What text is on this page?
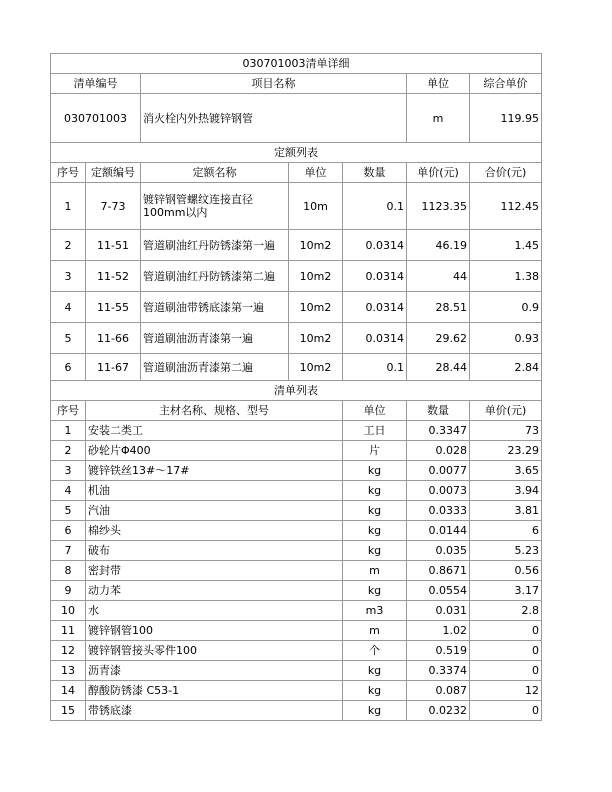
030701003清单详细							
清单编号		项目名称			单位	综合单价	
030701003		消火栓内外热镀锌钢管			m	119.95	
定额列表							
序号	定额编号	定额名称	单位	数量	单价(元)	合价(元)	
1	7-73	镀锌钢管螺纹连接直径100mm以内	10m	0.1	1123.35	112.45	
2	11-51	管道刷油红丹防锈漆第一遍	10m2	0.0314	46.19	1.45	
3	11-52	管道刷油红丹防锈漆第二遍	10m2	0.0314	44	1.38	
4	11-55	管道刷油带锈底漆第一遍	10m2	0.0314	28.51	0.9	
5	11-66	管道刷油沥青漆第一遍	10m2	0.0314	29.62	0.93	
6	11-67	管道刷油沥青漆第二遍	10m2	0.1	28.44	2.84	
清单列表							
序号	主材名称、规格、型号			单位	数量	单价(元)	
1	安装二类工			工日	0.3347	73	
2	砂轮片Φ400			片	0.028	23.29	
3	镀锌铁丝13#～17#			kg	0.0077	3.65	
4	机油			kg	0.0073	3.94	
5	汽油			kg	0.0333	3.81	
6	棉纱头			kg	0.0144	6	
7	破布			kg	0.035	5.23	
8	密封带			m	0.8671	0.56	
9	动力苯			kg	0.0554	3.17	
10	水			m3	0.031	2.8	
11	镀锌钢管100			m	1.02	0	
12	镀锌钢管接头零件100			个	0.519	0	
13	沥青漆			kg	0.3374	0	
14	醇酸防锈漆 C53-1			kg	0.087	12	
15	带锈底漆			kg	0.0232	0	
